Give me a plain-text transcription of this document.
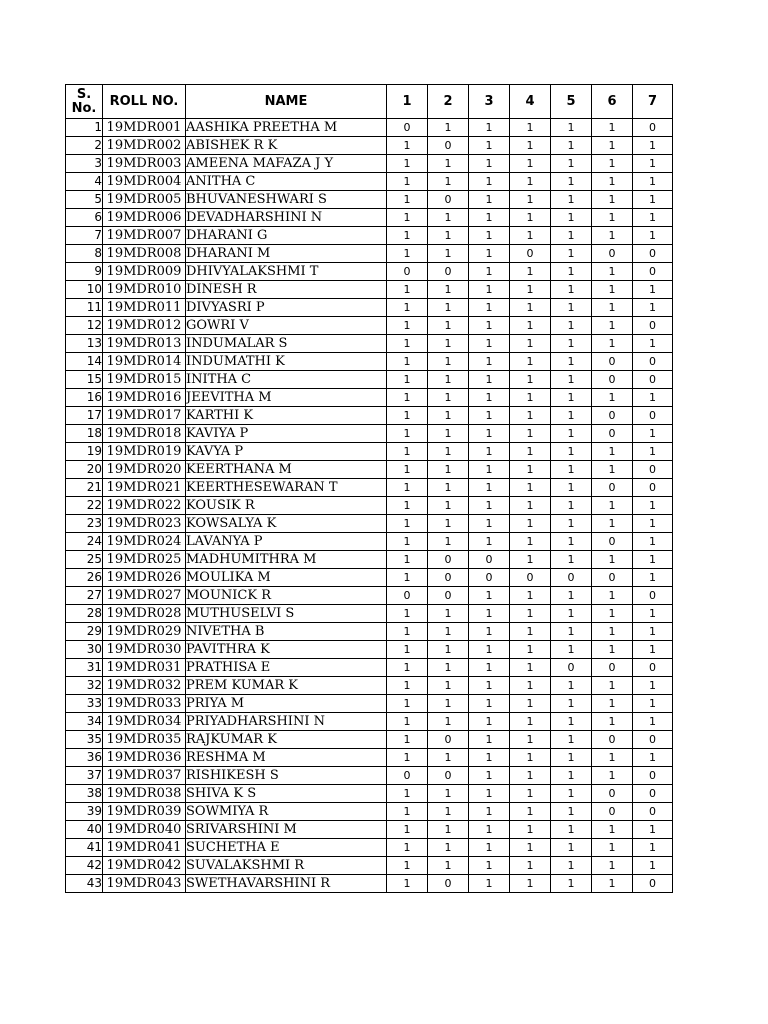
S. No.	ROLL NO.	NAME	1	2	3	4	5	6	7
1	19MDR001	AASHIKA PREETHA M	0	1	1	1	1	1	0
2	19MDR002	ABISHEK R K	1	0	1	1	1	1	1
3	19MDR003	AMEENA MAFAZA J Y	1	1	1	1	1	1	1
4	19MDR004	ANITHA C	1	1	1	1	1	1	1
5	19MDR005	BHUVANESHWARI S	1	0	1	1	1	1	1
6	19MDR006	DEVADHARSHINI N	1	1	1	1	1	1	1
7	19MDR007	DHARANI G	1	1	1	1	1	1	1
8	19MDR008	DHARANI M	1	1	1	0	1	0	0
9	19MDR009	DHIVYALAKSHMI T	0	0	1	1	1	1	0
10	19MDR010	DINESH R	1	1	1	1	1	1	1
11	19MDR011	DIVYASRI P	1	1	1	1	1	1	1
12	19MDR012	GOWRI V	1	1	1	1	1	1	0
13	19MDR013	INDUMALAR S	1	1	1	1	1	1	1
14	19MDR014	INDUMATHI K	1	1	1	1	1	0	0
15	19MDR015	INITHA C	1	1	1	1	1	0	0
16	19MDR016	JEEVITHA M	1	1	1	1	1	1	1
17	19MDR017	KARTHI K	1	1	1	1	1	0	0
18	19MDR018	KAVIYA P	1	1	1	1	1	0	1
19	19MDR019	KAVYA P	1	1	1	1	1	1	1
20	19MDR020	KEERTHANA M	1	1	1	1	1	1	0
21	19MDR021	KEERTHESEWARAN T	1	1	1	1	1	0	0
22	19MDR022	KOUSIK R	1	1	1	1	1	1	1
23	19MDR023	KOWSALYA K	1	1	1	1	1	1	1
24	19MDR024	LAVANYA P	1	1	1	1	1	0	1
25	19MDR025	MADHUMITHRA M	1	0	0	1	1	1	1
26	19MDR026	MOULIKA M	1	0	0	0	0	0	1
27	19MDR027	MOUNICK R	0	0	1	1	1	1	0
28	19MDR028	MUTHUSELVI S	1	1	1	1	1	1	1
29	19MDR029	NIVETHA B	1	1	1	1	1	1	1
30	19MDR030	PAVITHRA K	1	1	1	1	1	1	1
31	19MDR031	PRATHISA E	1	1	1	1	0	0	0
32	19MDR032	PREM KUMAR K	1	1	1	1	1	1	1
33	19MDR033	PRIYA M	1	1	1	1	1	1	1
34	19MDR034	PRIYADHARSHINI N	1	1	1	1	1	1	1
35	19MDR035	RAJKUMAR K	1	0	1	1	1	0	0
36	19MDR036	RESHMA M	1	1	1	1	1	1	1
37	19MDR037	RISHIKESH S	0	0	1	1	1	1	0
38	19MDR038	SHIVA K S	1	1	1	1	1	0	0
39	19MDR039	SOWMIYA R	1	1	1	1	1	0	0
40	19MDR040	SRIVARSHINI M	1	1	1	1	1	1	1
41	19MDR041	SUCHETHA E	1	1	1	1	1	1	1
42	19MDR042	SUVALAKSHMI R	1	1	1	1	1	1	1
43	19MDR043	SWETHAVARSHINI R	1	0	1	1	1	1	0
